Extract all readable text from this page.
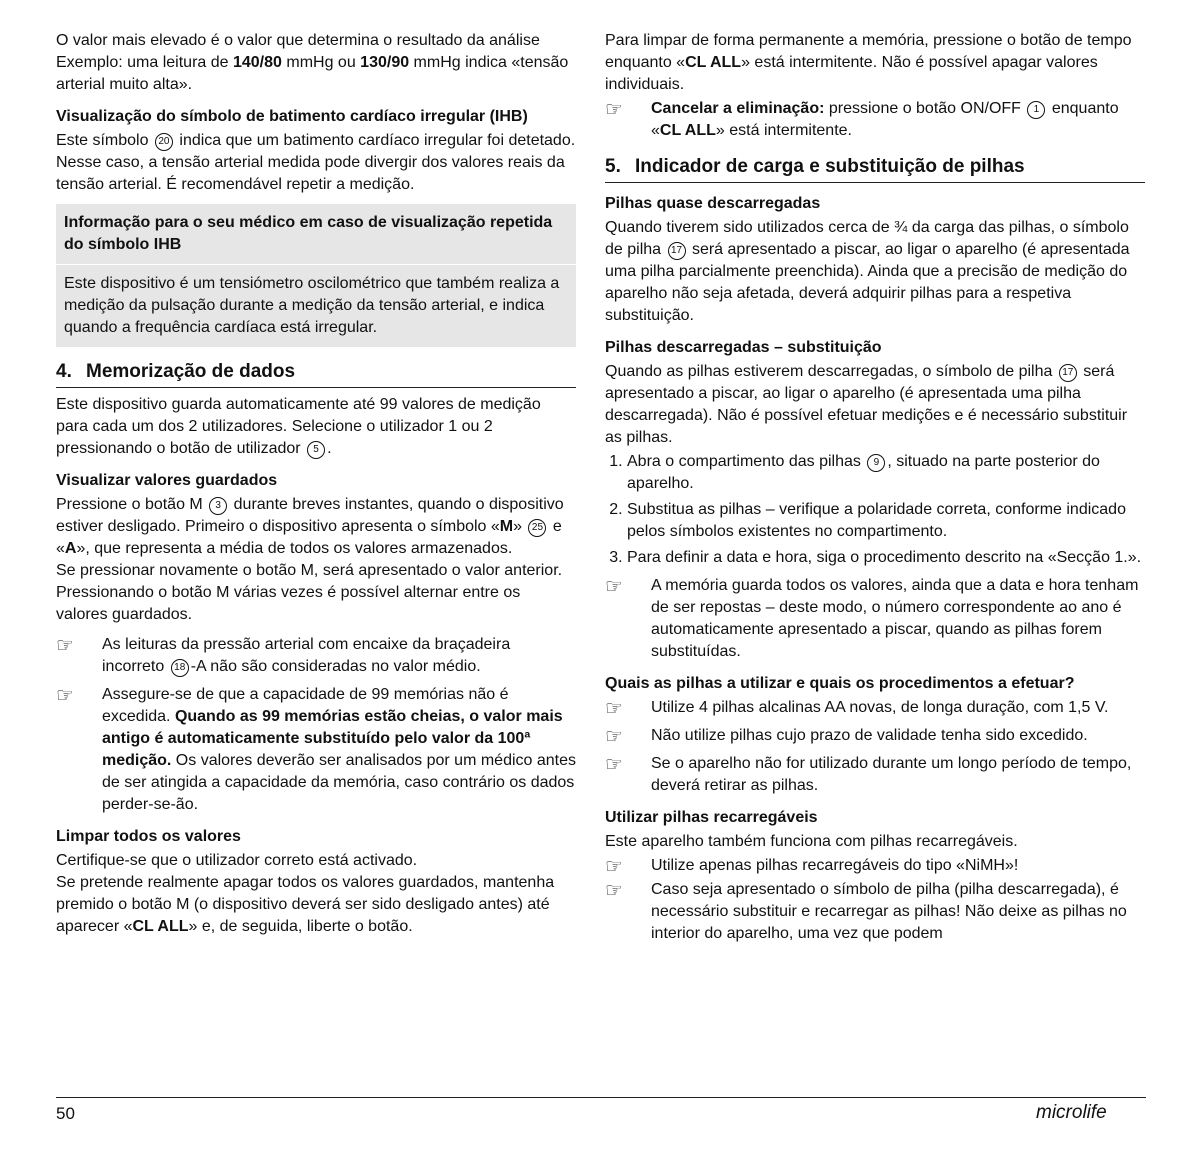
O valor mais elevado é o valor que determina o resultado da análise Exemplo: uma leitura de 140/80 mmHg ou 130/90 mmHg indica «tensão arterial muito alta».

Visualização do símbolo de batimento cardíaco irregular (IHB)

Este símbolo 20 indica que um batimento cardíaco irregular foi detetado. Nesse caso, a tensão arterial medida pode divergir dos valores reais da tensão arterial. É recomendável repetir a medição.

Informação para o seu médico em caso de visualização repetida do símbolo IHB
Este dispositivo é um tensiómetro oscilométrico que também realiza a medição da pulsação durante a medição da tensão arterial, e indica quando a frequência cardíaca está irregular.
4. Memorização de dados

Este dispositivo guarda automaticamente até 99 valores de medição para cada um dos 2 utilizadores. Selecione o utilizador 1 ou 2 pressionando o botão de utilizador 5 .

Visualizar valores guardados

Pressione o botão M 3 durante breves instantes, quando o dispositivo estiver desligado. Primeiro o dispositivo apresenta o símbolo «M» 25 e «A», que representa a média de todos os valores armazenados.

Se pressionar novamente o botão M, será apresentado o valor anterior. Pressionando o botão M várias vezes é possível alternar entre os valores guardados.

☞ As leituras da pressão arterial com encaixe da braçadeira incorreto 18 -A não são consideradas no valor médio.
☞ Assegure-se de que a capacidade de 99 memórias não é excedida. Quando as 99 memórias estão cheias, o valor mais antigo é automaticamente substituído pelo valor da 100ª medição. Os valores deverão ser analisados por um médico antes de ser atingida a capacidade da memória, caso contrário os dados perder-se-ão.
Limpar todos os valores

Certifique-se que o utilizador correto está activado.

Se pretende realmente apagar todos os valores guardados, mantenha premido o botão M (o dispositivo deverá ser sido desligado antes) até aparecer «CL ALL» e, de seguida, liberte o botão.

Para limpar de forma permanente a memória, pressione o botão de tempo enquanto «CL ALL» está intermitente. Não é possível apagar valores individuais.

☞ Cancelar a eliminação: pressione o botão ON/OFF 1 enquanto «CL ALL» está intermitente.
5. Indicador de carga e substituição de pilhas
Pilhas quase descarregadas

Quando tiverem sido utilizados cerca de ¾ da carga das pilhas, o símbolo de pilha 17 será apresentado a piscar, ao ligar o aparelho (é apresentada uma pilha parcialmente preenchida). Ainda que a precisão de medição do aparelho não seja afetada, deverá adquirir pilhas para a respetiva substituição.

Pilhas descarregadas – substituição

Quando as pilhas estiverem descarregadas, o símbolo de pilha 17 será apresentado a piscar, ao ligar o aparelho (é apresentada uma pilha descarregada). Não é possível efetuar medições e é necessário substituir as pilhas.

1. Abra o compartimento das pilhas 9 , situado na parte posterior do aparelho.
2. Substitua as pilhas – verifique a polaridade correta, conforme indicado pelos símbolos existentes no compartimento.
3. Para definir a data e hora, siga o procedimento descrito na «Secção 1.».
☞ A memória guarda todos os valores, ainda que a data e hora tenham de ser repostas – deste modo, o número correspondente ao ano é automaticamente apresentado a piscar, quando as pilhas forem substituídas.
Quais as pilhas a utilizar e quais os procedimentos a efetuar?
☞ Utilize 4 pilhas alcalinas AA novas, de longa duração, com 1,5 V.
☞ Não utilize pilhas cujo prazo de validade tenha sido excedido.
☞ Se o aparelho não for utilizado durante um longo período de tempo, deverá retirar as pilhas.
Utilizar pilhas recarregáveis

Este aparelho também funciona com pilhas recarregáveis.

☞ Utilize apenas pilhas recarregáveis do tipo «NiMH»!
☞ Caso seja apresentado o símbolo de pilha (pilha descarregada), é necessário substituir e recarregar as pilhas! Não deixe as pilhas no interior do aparelho, uma vez que podem
50	microlife
